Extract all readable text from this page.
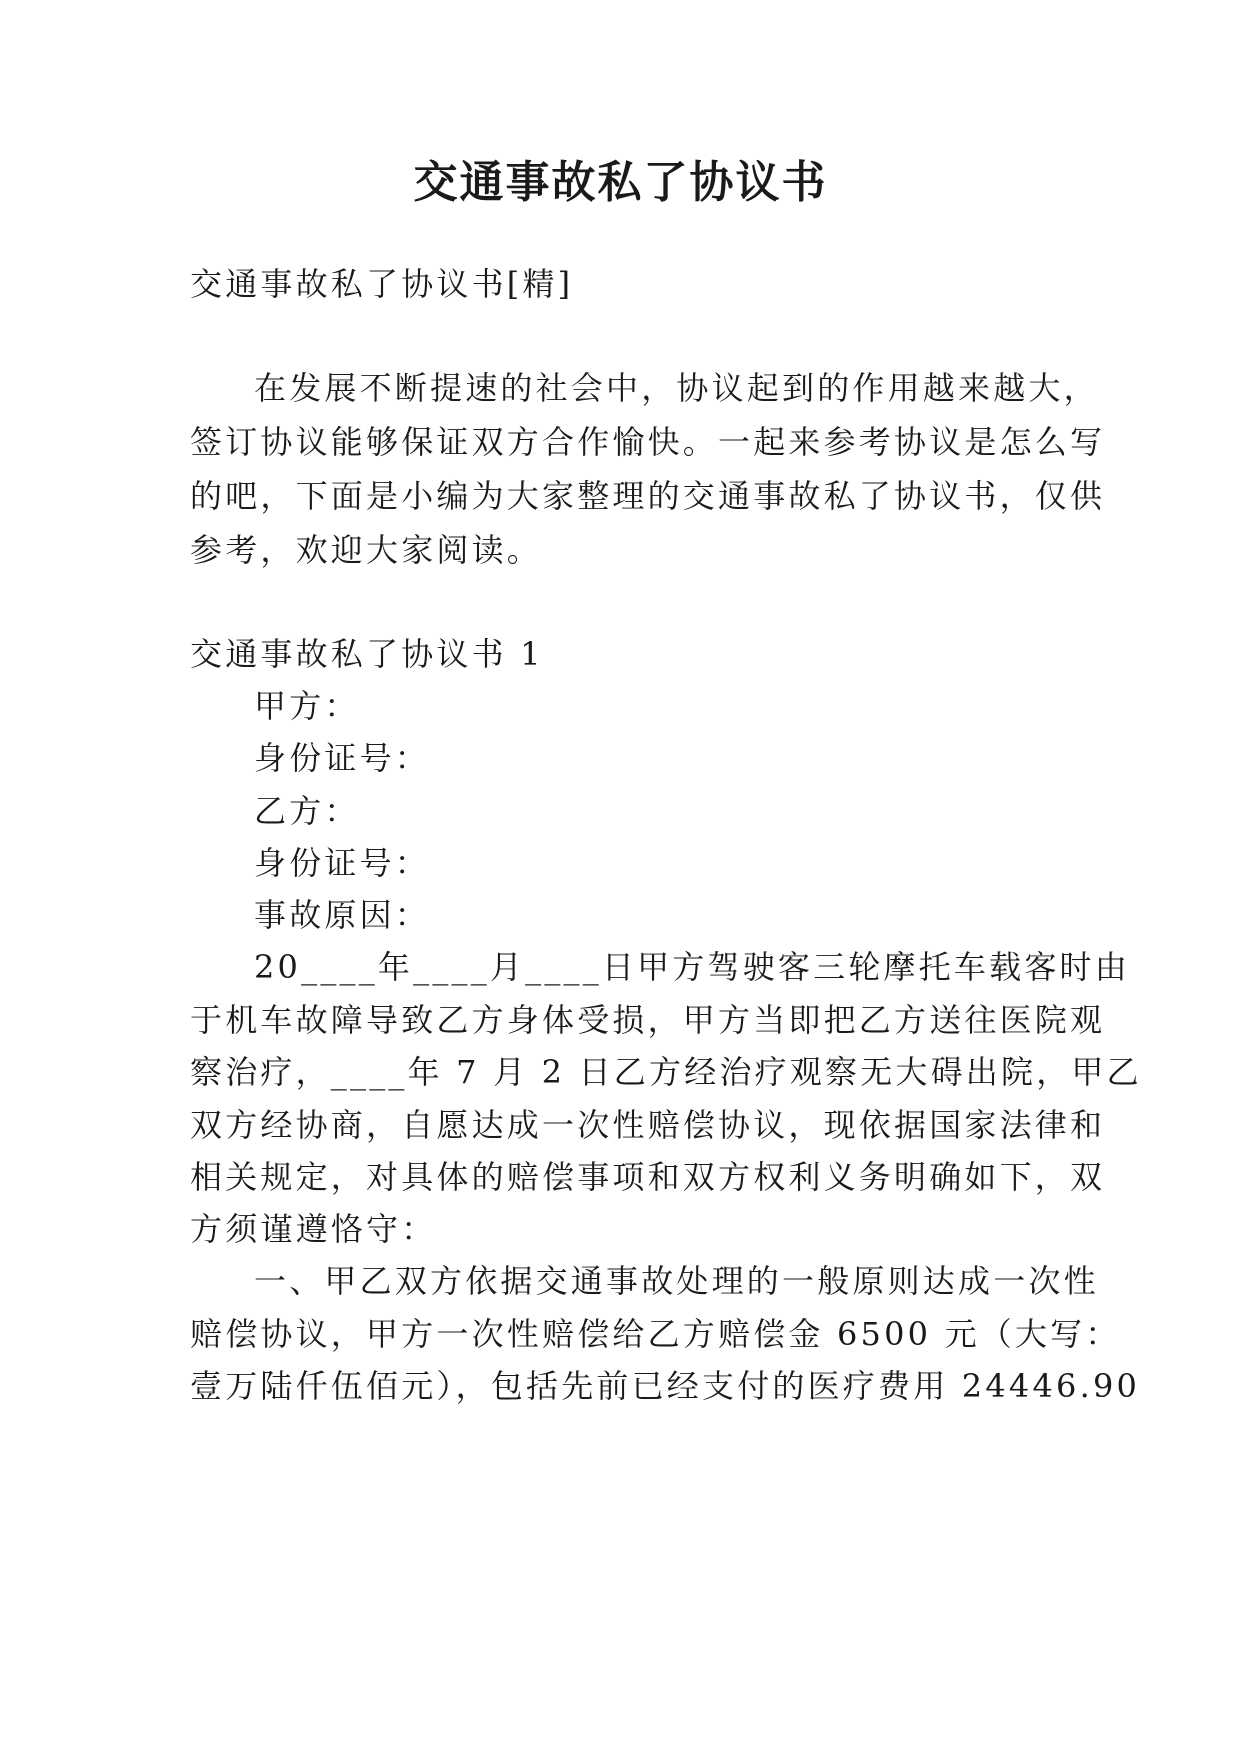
交通事故私了协议书

交通事故私了协议书[精]

在发展不断提速的社会中，协议起到的作用越来越大，

签订协议能够保证双方合作愉快。一起来参考协议是怎么写

的吧，下面是小编为大家整理的交通事故私了协议书，仅供

参考，欢迎大家阅读。

交通事故私了协议书 1

甲方：

身份证号：

乙方：

身份证号：

事故原因：

20____年____月____日甲方驾驶客三轮摩托车载客时由

于机车故障导致乙方身体受损，甲方当即把乙方送往医院观

察治疗，____年 7 月 2 日乙方经治疗观察无大碍出院，甲乙

双方经协商，自愿达成一次性赔偿协议，现依据国家法律和

相关规定，对具体的赔偿事项和双方权利义务明确如下，双

方须谨遵恪守：

一、甲乙双方依据交通事故处理的一般原则达成一次性

赔偿协议，甲方一次性赔偿给乙方赔偿金 6500 元（大写：

壹万陆仟伍佰元），包括先前已经支付的医疗费用 24446.90
